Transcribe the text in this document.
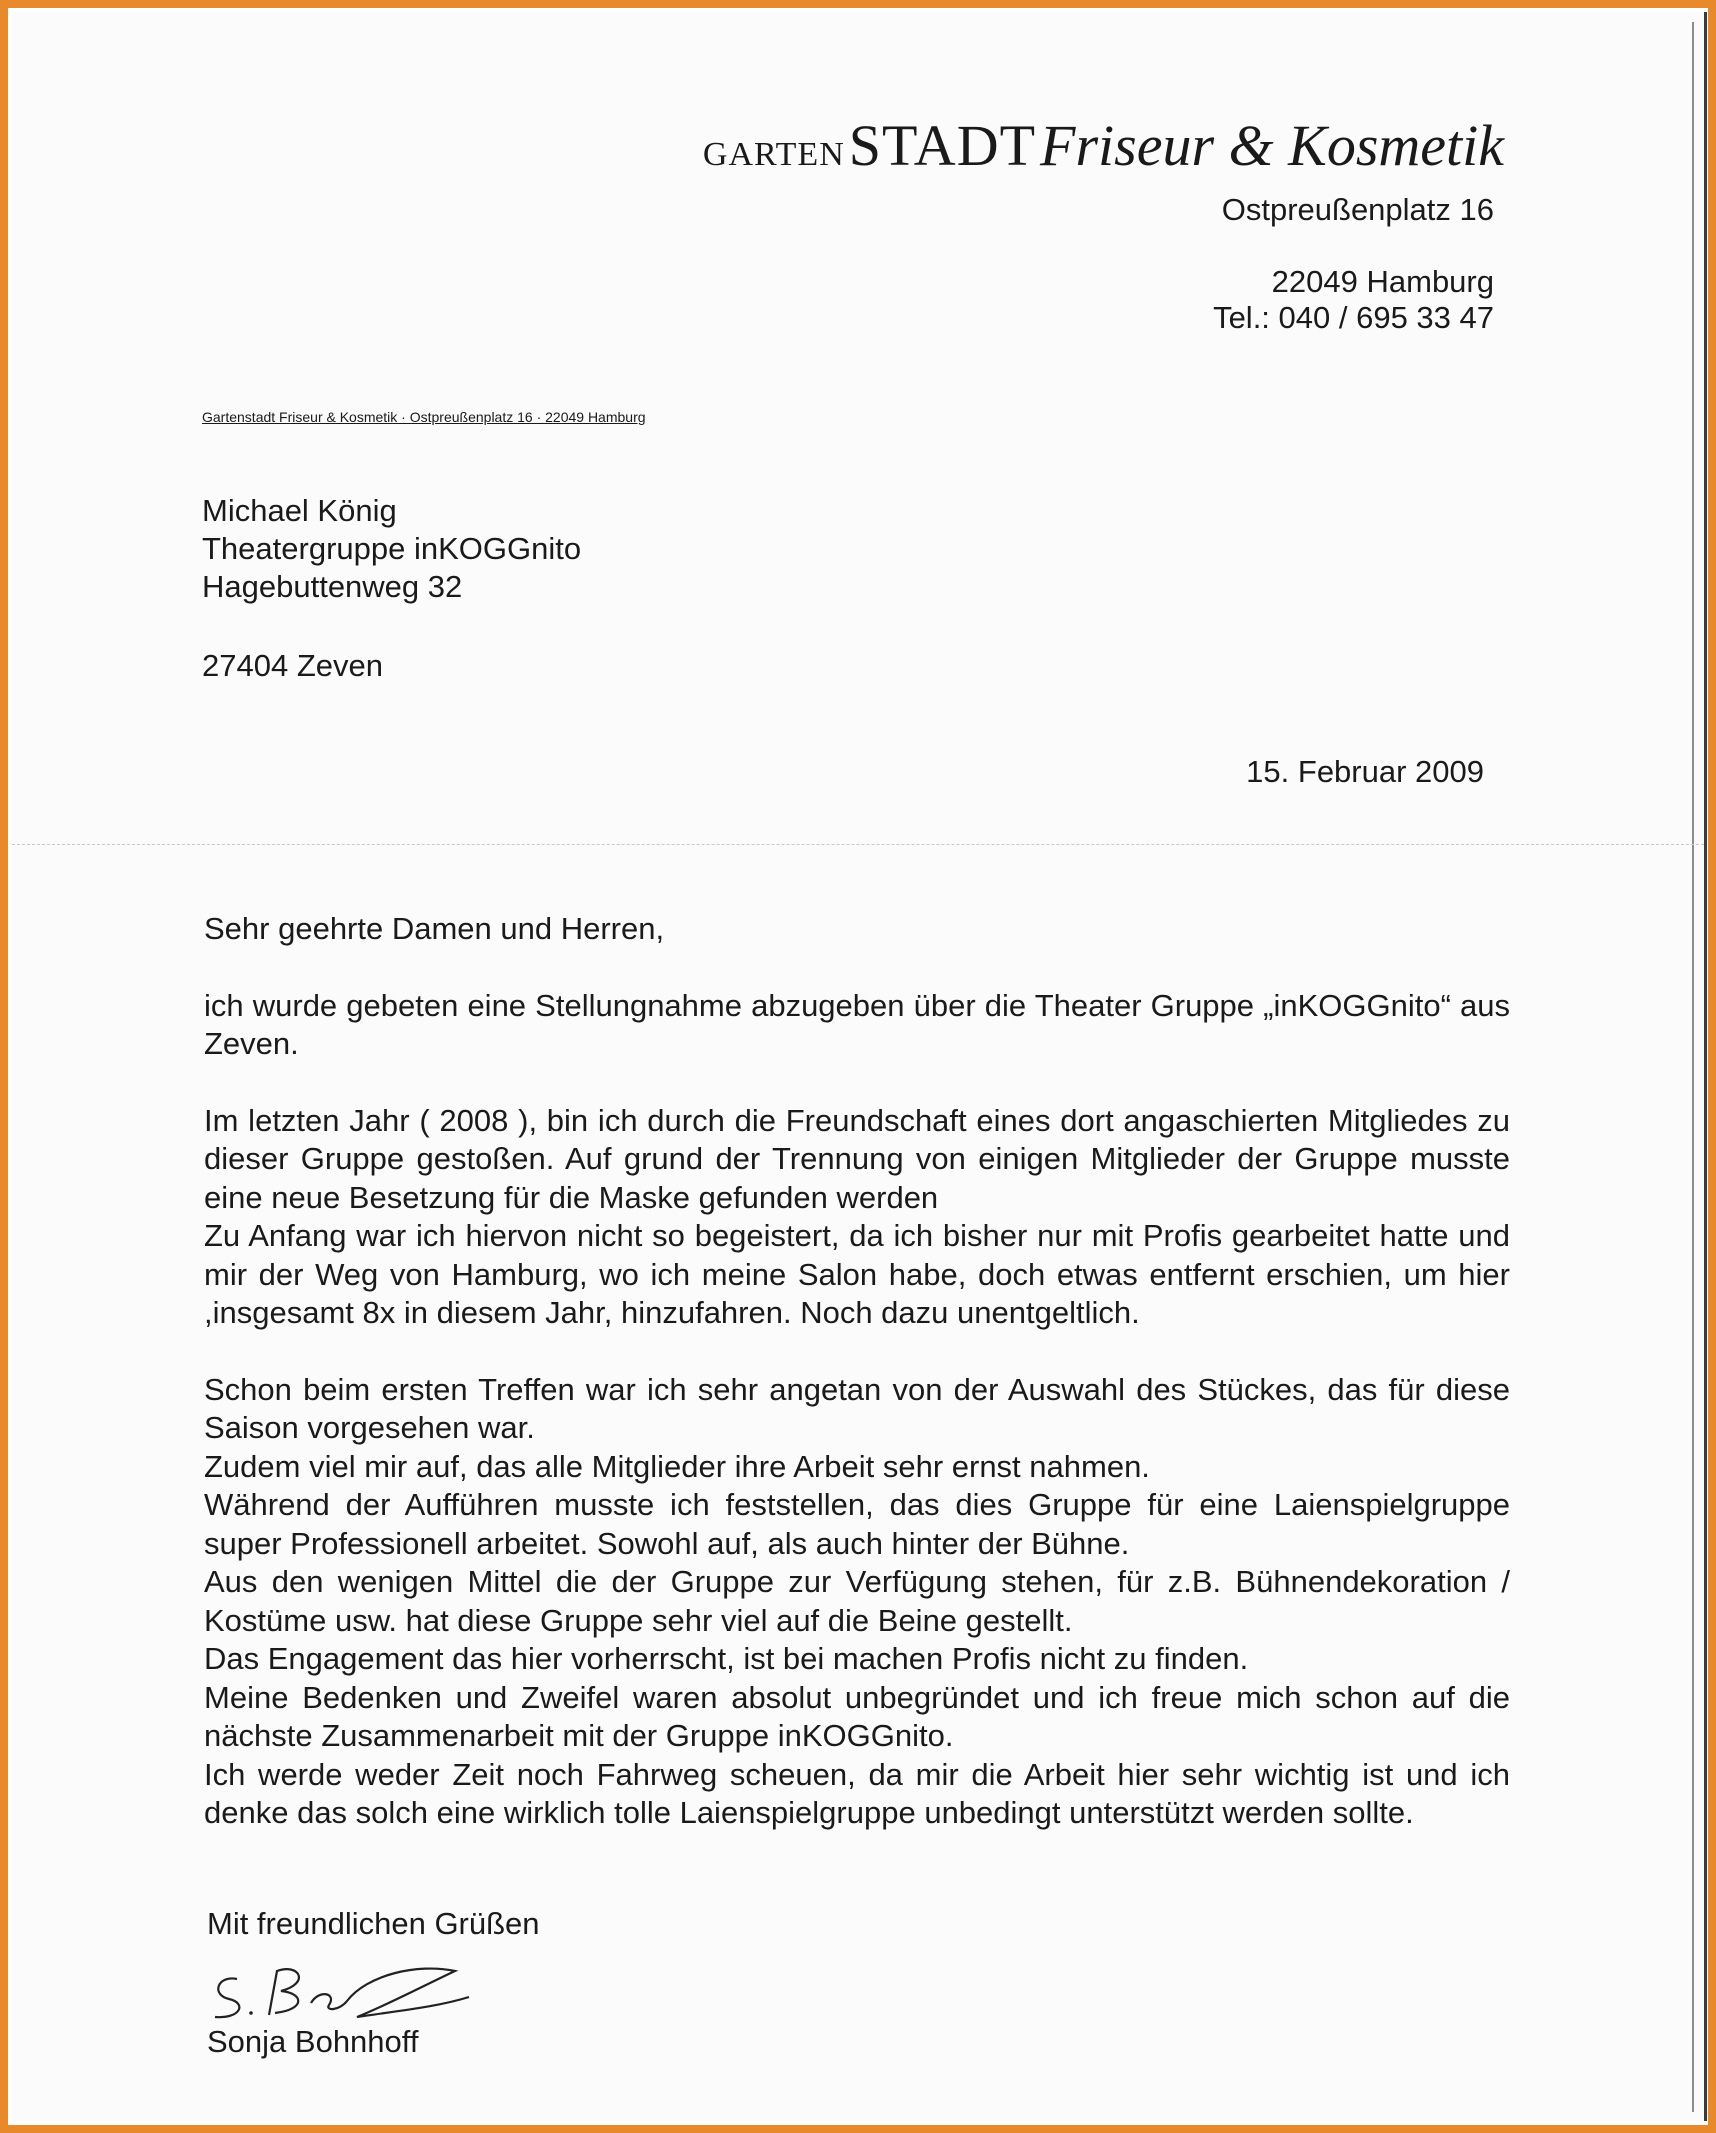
GARTEN STADT Friseur & Kosmetik
Ostpreußenplatz 16
22049 Hamburg
Tel.: 040 / 695 33 47
Gartenstadt Friseur & Kosmetik · Ostpreußenplatz 16 · 22049 Hamburg
Michael König
Theatergruppe inKOGGnito
Hagebuttenweg 32
27404 Zeven
15. Februar 2009

Sehr geehrte Damen und Herren,

ich wurde gebeten eine Stellungnahme abzugeben über die Theater Gruppe „inKOGGnito“ aus Zeven.

Im letzten Jahr ( 2008 ), bin ich durch die Freundschaft eines dort angaschierten Mitgliedes zu dieser Gruppe gestoßen. Auf grund der Trennung von einigen Mitglieder der Gruppe musste eine neue Besetzung für die Maske gefunden werden

Zu Anfang war ich hiervon nicht so begeistert, da ich bisher nur mit Profis gearbeitet hatte und mir der Weg von Hamburg, wo ich meine Salon habe, doch etwas entfernt erschien, um hier ,insgesamt 8x in diesem Jahr, hinzufahren. Noch dazu unentgeltlich.

Schon beim ersten Treffen war ich sehr angetan von der Auswahl des Stückes, das für diese Saison vorgesehen war.

Zudem viel mir auf, das alle Mitglieder ihre Arbeit sehr ernst nahmen.

Während der Aufführen musste ich feststellen, das dies Gruppe für eine Laienspielgruppe super Professionell arbeitet. Sowohl auf, als auch hinter der Bühne.

Aus den wenigen Mittel die der Gruppe zur Verfügung stehen, für z.B. Bühnendekoration / Kostüme usw. hat diese Gruppe sehr viel auf die Beine gestellt.

Das Engagement das hier vorherrscht, ist bei machen Profis nicht zu finden.

Meine Bedenken und Zweifel waren absolut unbegründet und ich freue mich schon auf die nächste Zusammenarbeit mit der Gruppe inKOGGnito.

Ich werde weder Zeit noch Fahrweg scheuen, da mir die Arbeit hier sehr wichtig ist und ich denke das solch eine wirklich tolle Laienspielgruppe unbedingt unterstützt werden sollte.

Mit freundlichen Grüßen
S. Bohnhoff
Sonja Bohnhoff
